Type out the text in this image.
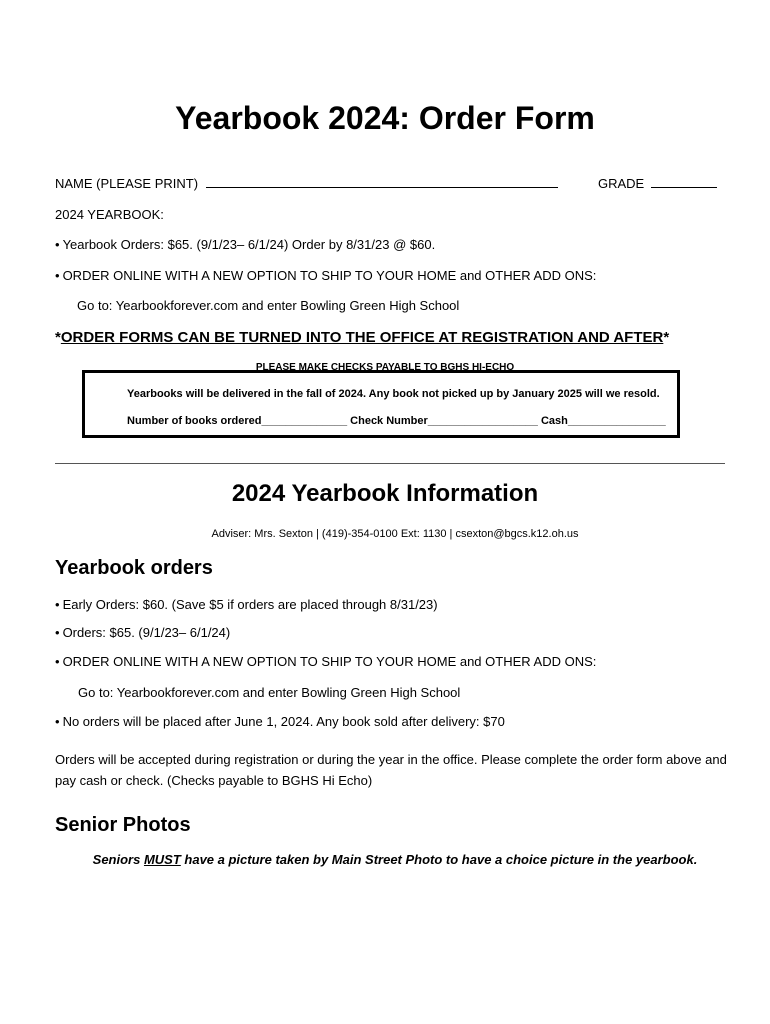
Yearbook 2024: Order Form
NAME (PLEASE PRINT)	GRADE
2024 YEARBOOK:
• Yearbook Orders: $65. (9/1/23– 6/1/24) Order by 8/31/23 @ $60.
• ORDER ONLINE WITH A NEW OPTION TO SHIP TO YOUR HOME and OTHER ADD ONS:
Go to: Yearbookforever.com and enter Bowling Green High School
*ORDER FORMS CAN BE TURNED INTO THE OFFICE AT REGISTRATION AND AFTER*
PLEASE MAKE CHECKS PAYABLE TO BGHS HI-ECHO
Yearbooks will be delivered in the fall of 2024. Any book not picked up by January 2025 will we resold.
Number of books ordered______________ Check Number__________________ Cash________________
2024 Yearbook Information
Adviser: Mrs. Sexton | (419)-354-0100 Ext: 1130 | csexton@bgcs.k12.oh.us
Yearbook orders
• Early Orders: $60. (Save $5 if orders are placed through 8/31/23)
• Orders: $65. (9/1/23– 6/1/24)
• ORDER ONLINE WITH A NEW OPTION TO SHIP TO YOUR HOME and OTHER ADD ONS:
Go to: Yearbookforever.com and enter Bowling Green High School
• No orders will be placed after June 1, 2024. Any book sold after delivery: $70
Orders will be accepted during registration or during the year in the office. Please complete the order form above and
pay cash or check. (Checks payable to BGHS Hi Echo)
Senior Photos
Seniors MUST have a picture taken by Main Street Photo to have a choice picture in the yearbook.
